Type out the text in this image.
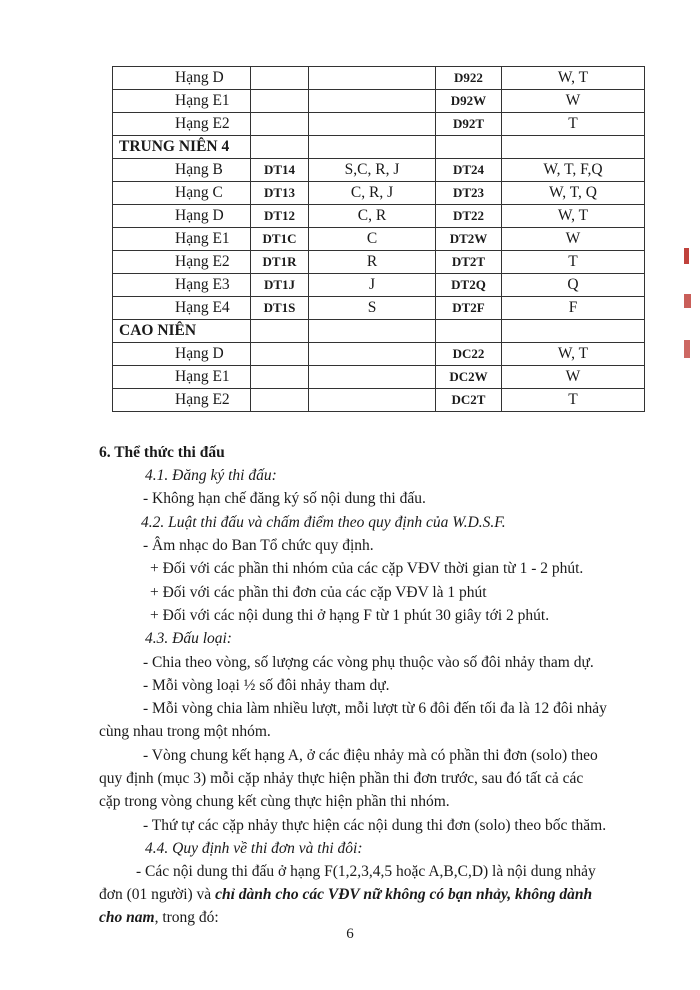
Hạng D			D922	W, T
Hạng E1			D92W	W
Hạng E2			D92T	T
TRUNG NIÊN 4				
Hạng B	DT14	S,C, R, J	DT24	W, T, F,Q
Hạng C	DT13	C, R, J	DT23	W, T, Q
Hạng D	DT12	C, R	DT22	W, T
Hạng E1	DT1C	C	DT2W	W
Hạng E2	DT1R	R	DT2T	T
Hạng E3	DT1J	J	DT2Q	Q
Hạng E4	DT1S	S	DT2F	F
CAO NIÊN				
Hạng D			DC22	W, T
Hạng E1			DC2W	W
Hạng E2			DC2T	T
6. Thể thức thi đấu
4.1. Đăng ký thi đấu:
- Không hạn chế đăng ký số nội dung thi đấu.
4.2. Luật thi đấu và chấm điểm theo quy định của W.D.S.F.
- Âm nhạc do Ban Tổ chức quy định.
+ Đối với các phần thi nhóm của các cặp VĐV thời gian từ 1 - 2 phút.
+ Đối với các phần thi đơn của các cặp VĐV là 1 phút
+ Đối với các nội dung thi ở hạng F từ 1 phút 30 giây tới 2 phút.
4.3. Đấu loại:
- Chia theo vòng, số lượng các vòng phụ thuộc vào số đôi nhảy tham dự.
- Mỗi vòng loại ½ số đôi nhảy tham dự.
- Mỗi vòng chia làm nhiều lượt, mỗi lượt từ 6 đôi đến tối đa là 12 đôi nhảy
cùng nhau trong một nhóm.
- Vòng chung kết hạng A, ở các điệu nhảy mà có phần thi đơn (solo) theo
quy định (mục 3) mỗi cặp nhảy thực hiện phần thi đơn trước, sau đó tất cả các
cặp trong vòng chung kết cùng thực hiện phần thi nhóm.
- Thứ tự các cặp nhảy thực hiện các nội dung thi đơn (solo) theo bốc thăm.
4.4. Quy định về thi đơn và thi đôi:
- Các nội dung thi đấu ở hạng F(1,2,3,4,5 hoặc A,B,C,D) là nội dung nhảy
đơn (01 người) và chỉ dành cho các VĐV nữ không có bạn nhảy, không dành
cho nam, trong đó:
6
